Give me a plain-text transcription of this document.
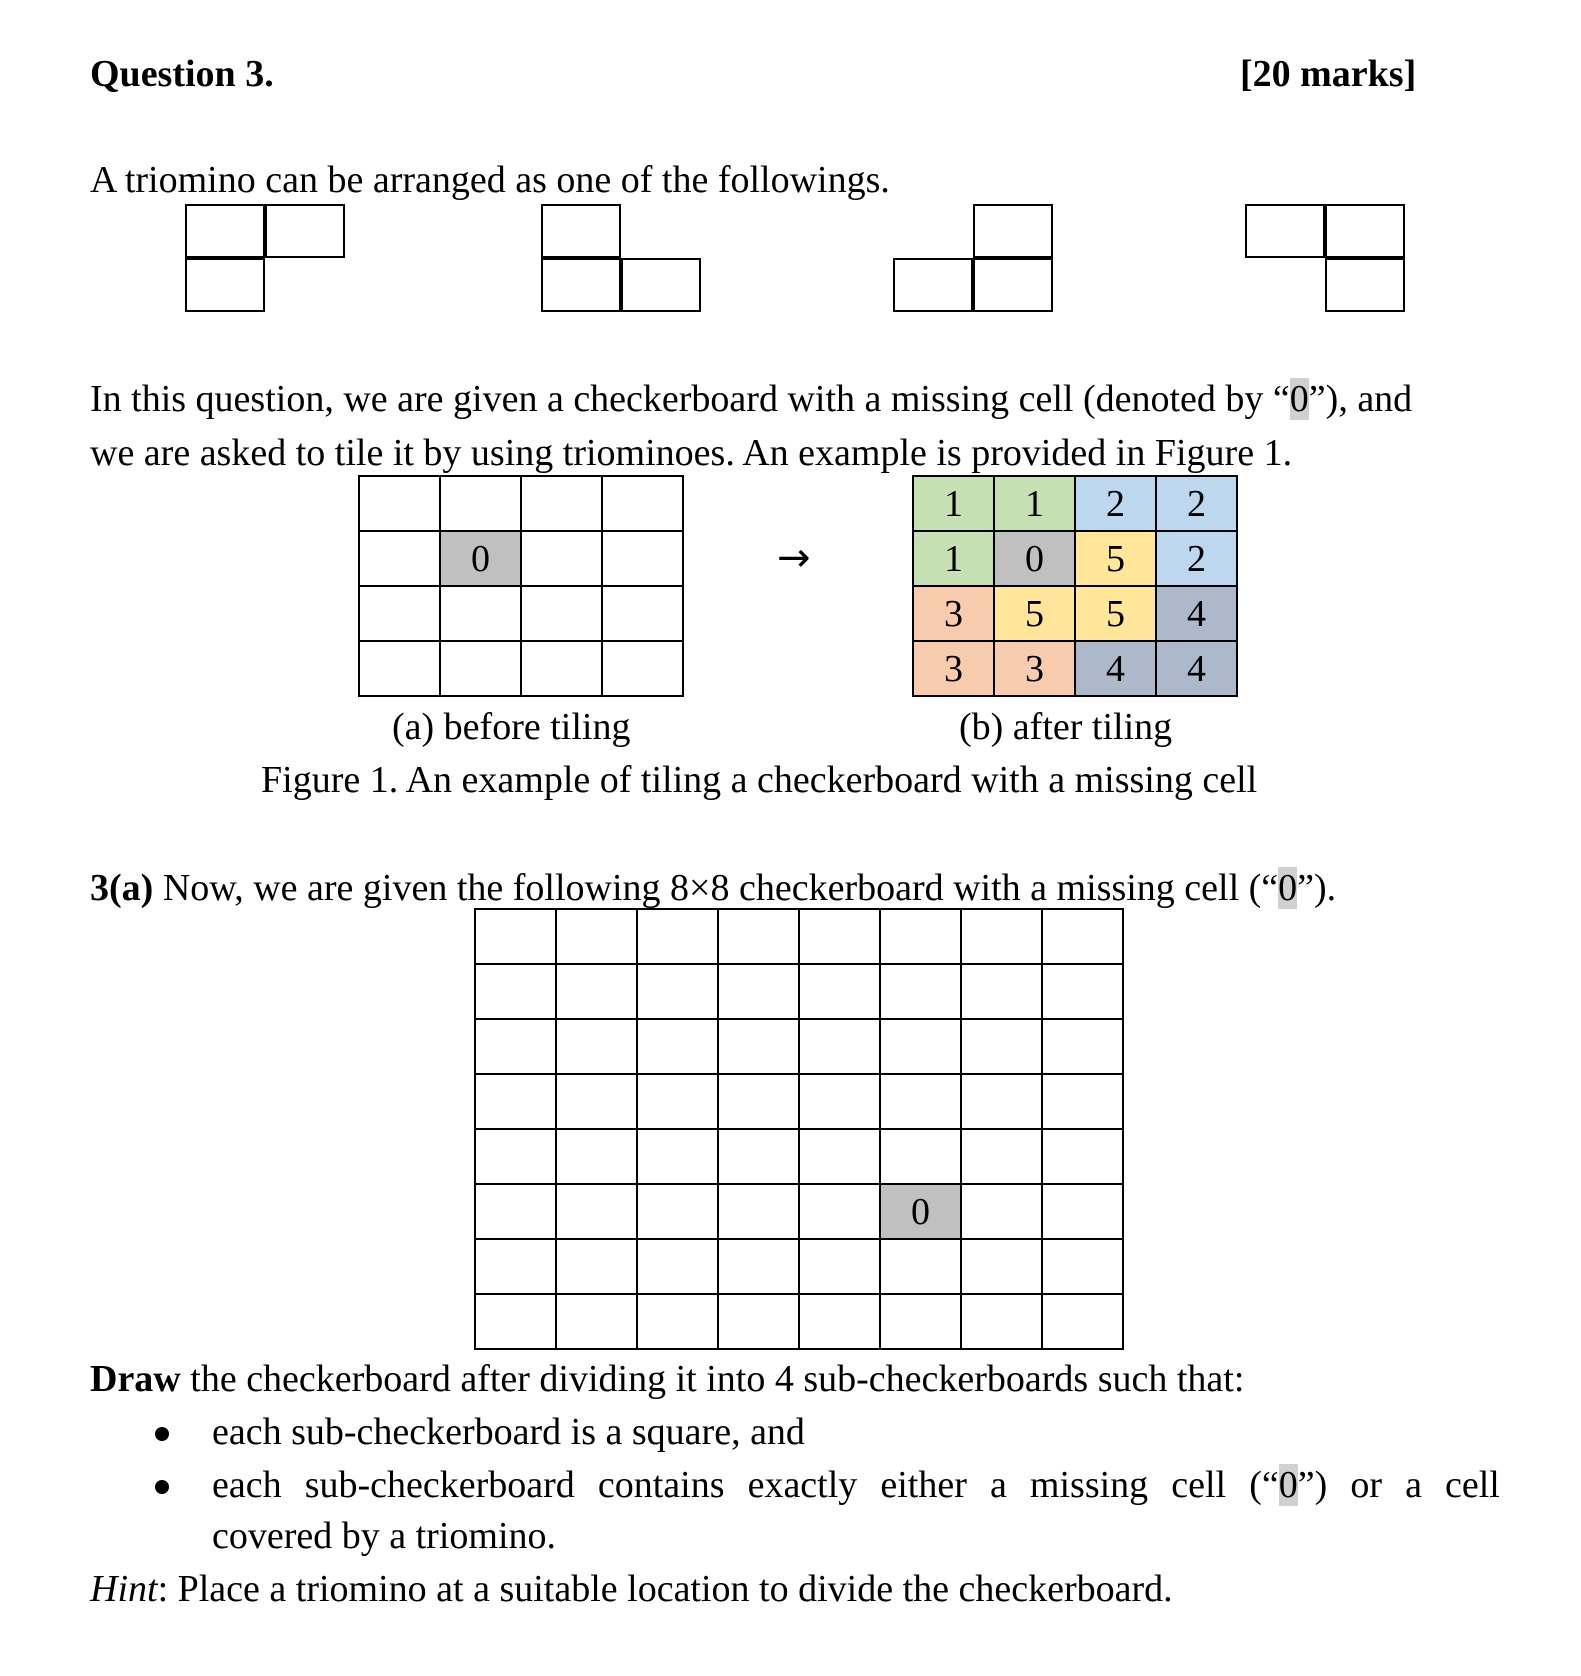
Question 3.	[20 marks]
A triomino can be arranged as one of the followings.
In this question, we are given a checkerboard with a missing cell (denoted by “0”), and
we are asked to tile it by using triominoes. An example is provided in Figure 1.

	0		

				→
1	1	2	2
1	0	5	2
3	5	5	4
3	3	4	4
(a) before tiling	(b) after tiling
Figure 1. An example of tiling a checkerboard with a missing cell
3(a) Now, we are given the following 8×8 checkerboard with a missing cell (“0”).

					0		

Draw the checkerboard after dividing it into 4 sub-checkerboards such that:
each sub-checkerboard is a square, and
each sub-checkerboard contains exactly either a missing cell (“0”) or a cell
covered by a triomino.
Hint: Place a triomino at a suitable location to divide the checkerboard.
